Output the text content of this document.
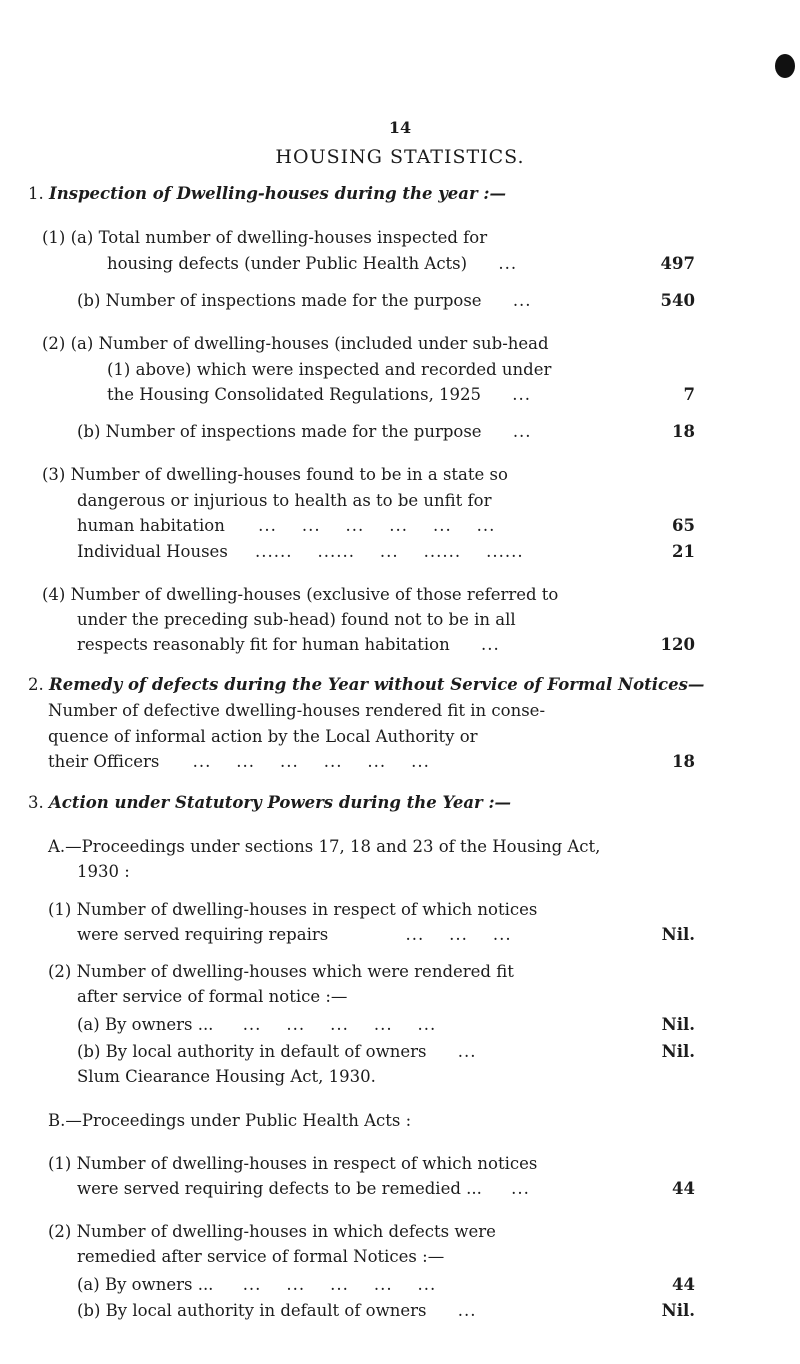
14
HOUSING STATISTICS.
1. Inspection of Dwelling-houses during the year :—
(1) (a) Total number of dwelling-houses inspected for
housing defects (under Public Health Acts) ...	497
(b) Number of inspections made for the purpose ...	540
(2) (a) Number of dwelling-houses (included under sub-head
(1) above) which were inspected and recorded under
the Housing Consolidated Regulations, 1925 ...	7
(b) Number of inspections made for the purpose ...	18
(3) Number of dwelling-houses found to be in a state so
dangerous or injurious to health as to be unfit for
human habitation ...    ...    ...    ...    ...    ...	65
Individual Houses ......    ......    ...    ......    ......	21
(4) Number of dwelling-houses (exclusive of those referred to
under the preceding sub-head) found not to be in all
respects reasonably fit for human habitation ...	120
2. Remedy of defects during the Year without Service of Formal Notices—
Number of defective dwelling-houses rendered fit in conse-
quence of informal action by the Local Authority or
their Officers ...    ...    ...    ...    ...    ...	18
3. Action under Statutory Powers during the Year :—
A.—Proceedings under sections 17, 18 and 23 of the Housing Act,
1930 :
(1) Number of dwelling-houses in respect of which notices
were served requiring repairs	...    ...    ...	Nil.
(2) Number of dwelling-houses which were rendered fit
after service of formal notice :—
(a) By owners ... ...    ...    ...    ...    ...	Nil.
(b) By local authority in default of owners ...	Nil.
Slum Ciearance Housing Act, 1930.
B.—Proceedings under Public Health Acts :
(1) Number of dwelling-houses in respect of which notices
were served requiring defects to be remedied ... ...	44
(2) Number of dwelling-houses in which defects were
remedied after service of formal Notices :—
(a) By owners ... ...    ...    ...    ...    ...	44
(b) By local authority in default of owners ...	Nil.
